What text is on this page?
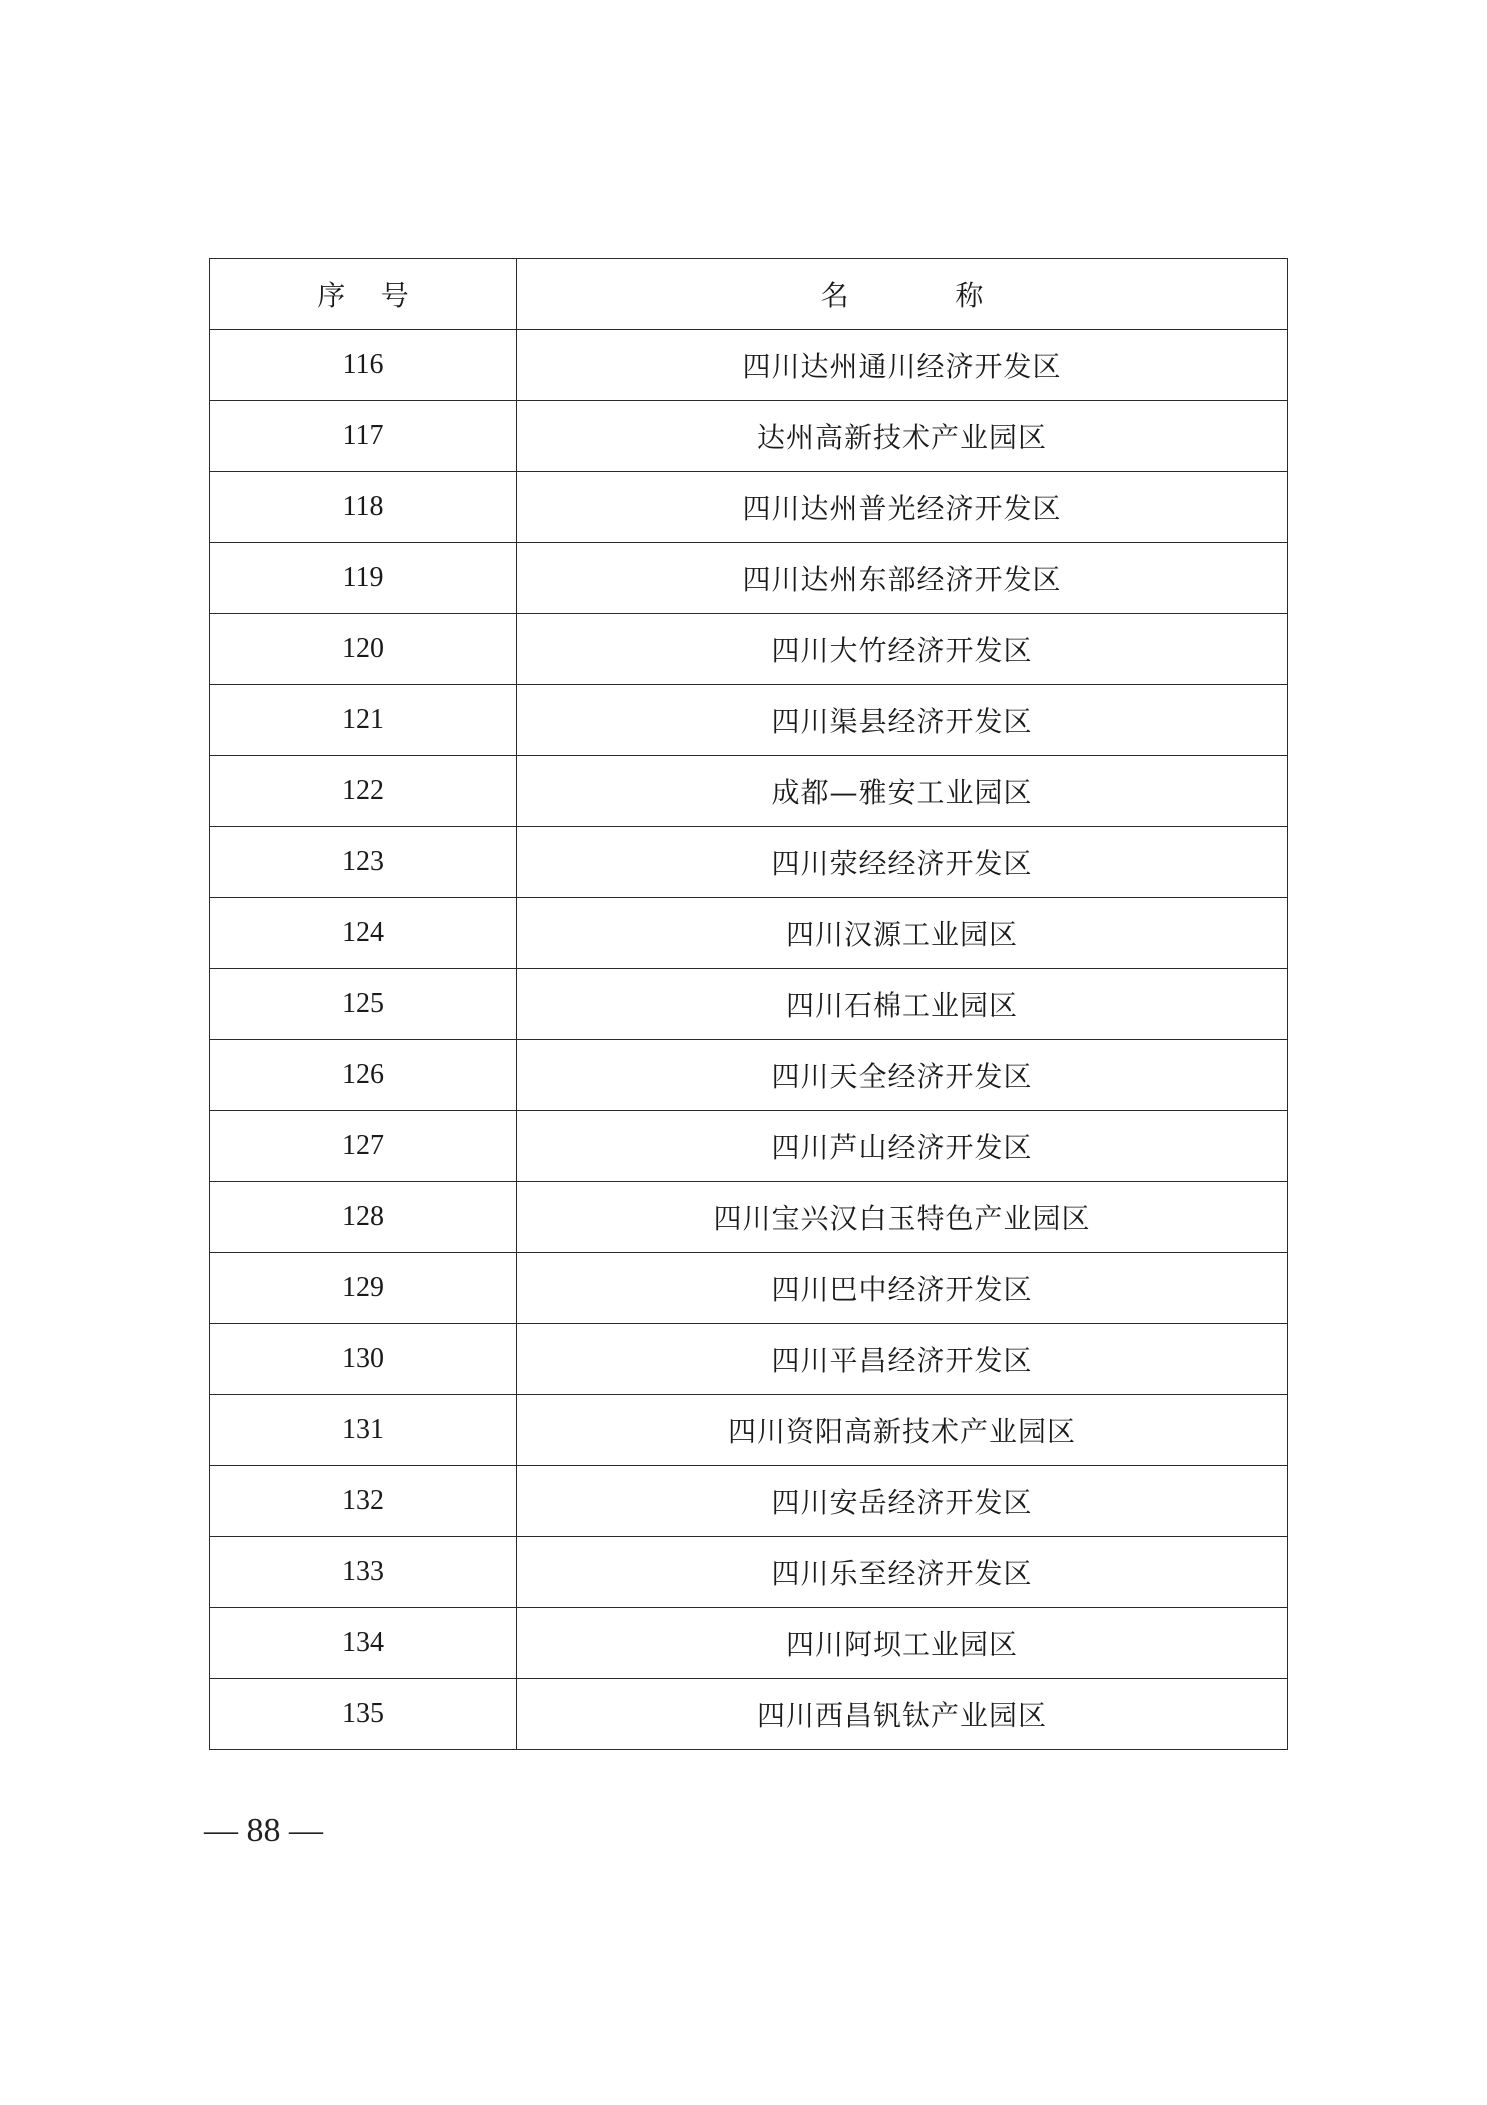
序    号	名            称
116	四川达州通川经济开发区
117	达州高新技术产业园区
118	四川达州普光经济开发区
119	四川达州东部经济开发区
120	四川大竹经济开发区
121	四川渠县经济开发区
122	成都—雅安工业园区
123	四川荥经经济开发区
124	四川汉源工业园区
125	四川石棉工业园区
126	四川天全经济开发区
127	四川芦山经济开发区
128	四川宝兴汉白玉特色产业园区
129	四川巴中经济开发区
130	四川平昌经济开发区
131	四川资阳高新技术产业园区
132	四川安岳经济开发区
133	四川乐至经济开发区
134	四川阿坝工业园区
135	四川西昌钒钛产业园区
— 88 —
